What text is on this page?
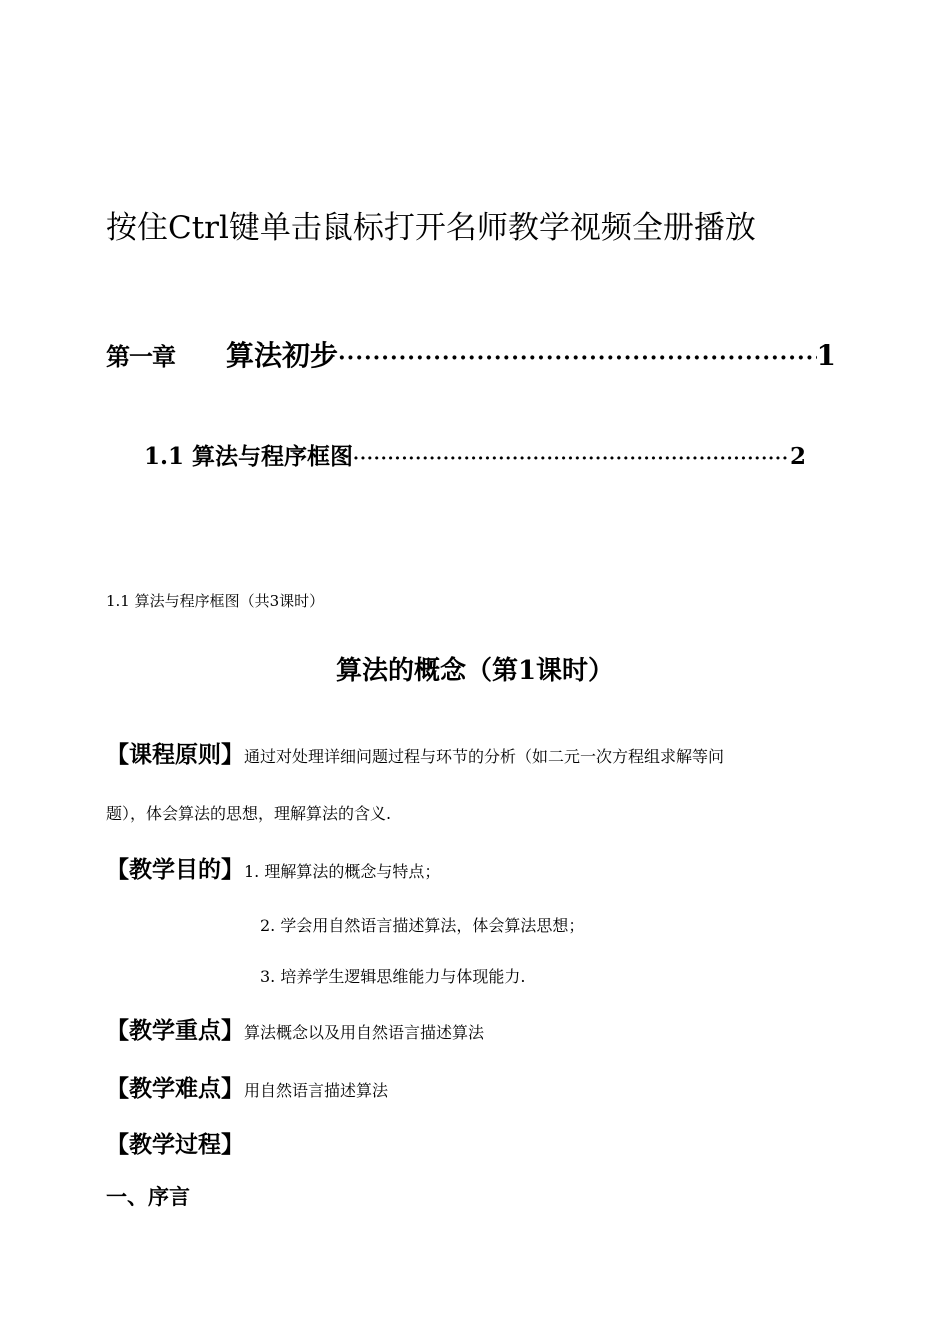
按住Ctrl键单击鼠标打开名师教学视频全册播放
第一章	算法初步 ·····	1
1.1 算法与程序框图 ·····	2
1.1 算法与程序框图（共3课时）
算法的概念（第1课时）
【课程原则】 通过对处理详细问题过程与环节的分析（如二元一次方程组求解等问
题），体会算法的思想，理解算法的含义.
【教学目的】 1. 理解算法的概念与特点；
2. 学会用自然语言描述算法，体会算法思想；
3. 培养学生逻辑思维能力与体现能力.
【教学重点】 算法概念以及用自然语言描述算法
【教学难点】 用自然语言描述算法
【教学过程】
一、序言
